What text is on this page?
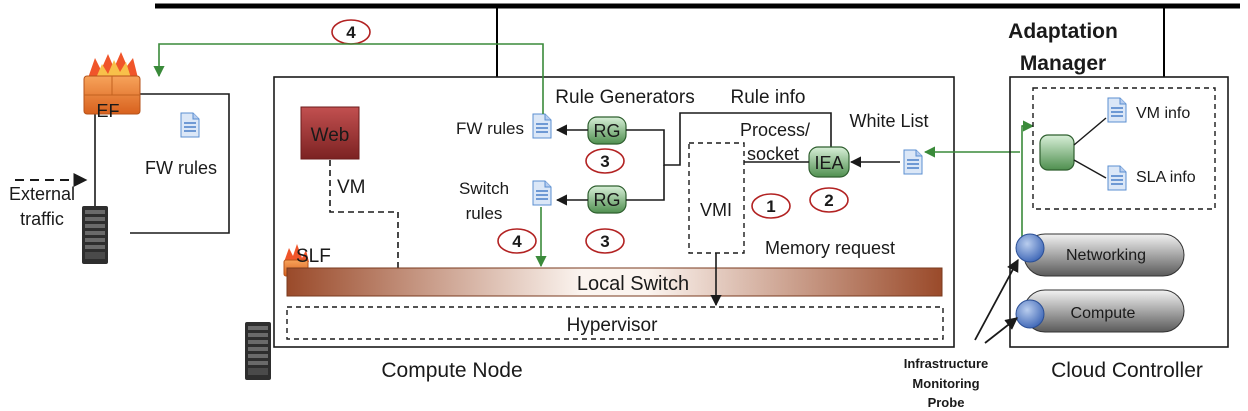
Adaptation
Manager
EF
FW rules
External
traffic
Compute Node
Web
VM
SLF
Local Switch
Hypervisor
Rule Generators Rule info
FW rules	RG
Switch
rules
RG
Process/
socket IEA
White List
VMI
Memory request
3
3
4
1	2
4
Cloud Controller
VM info
SLA info
Networking
Compute
Infrastructure
Monitoring
Probe
